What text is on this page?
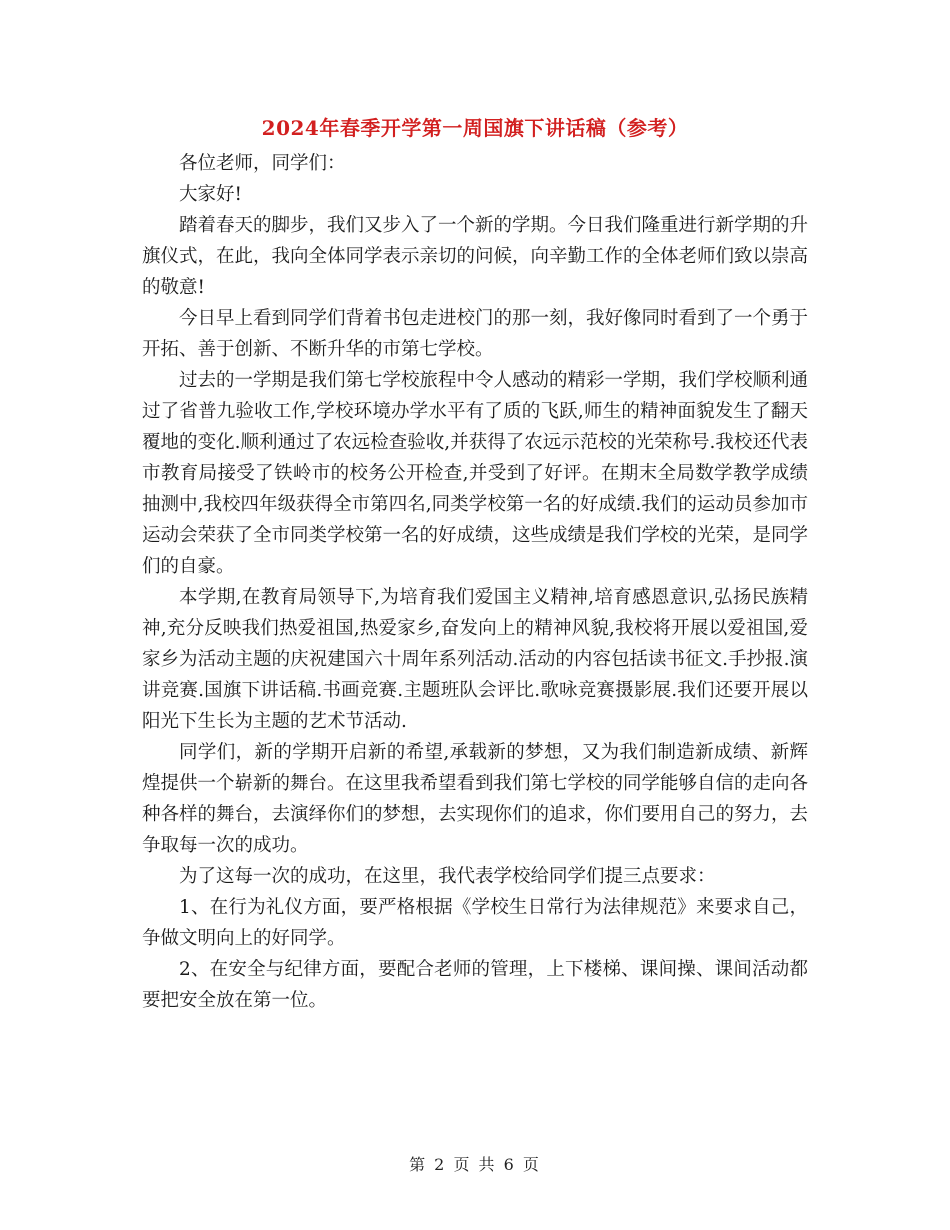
2024年春季开学第一周国旗下讲话稿（参考）

各位老师，同学们：

大家好!

踏着春天的脚步，我们又步入了一个新的学期。今日我们隆重进行新学期的升旗仪式，在此，我向全体同学表示亲切的问候，向辛勤工作的全体老师们致以崇高的敬意!

今日早上看到同学们背着书包走进校门的那一刻，我好像同时看到了一个勇于开拓、善于创新、不断升华的市第七学校。

过去的一学期是我们第七学校旅程中令人感动的精彩一学期，我们学校顺利通过了省普九验收工作,学校环境办学水平有了质的飞跃,师生的精神面貌发生了翻天覆地的变化.顺利通过了农远检查验收,并获得了农远示范校的光荣称号.我校还代表市教育局接受了铁岭市的校务公开检查,并受到了好评。在期末全局数学教学成绩抽测中,我校四年级获得全市第四名,同类学校第一名的好成绩.我们的运动员参加市运动会荣获了全市同类学校第一名的好成绩，这些成绩是我们学校的光荣，是同学们的自豪。

本学期,在教育局领导下,为培育我们爱国主义精神,培育感恩意识,弘扬民族精神,充分反映我们热爱祖国,热爱家乡,奋发向上的精神风貌,我校将开展以爱祖国,爱家乡为活动主题的庆祝建国六十周年系列活动.活动的内容包括读书征文.手抄报.演讲竞赛.国旗下讲话稿.书画竞赛.主题班队会评比.歌咏竞赛摄影展.我们还要开展以阳光下生长为主题的艺术节活动.

同学们，新的学期开启新的希望,承载新的梦想，又为我们制造新成绩、新辉煌提供一个崭新的舞台。在这里我希望看到我们第七学校的同学能够自信的走向各种各样的舞台，去演绎你们的梦想，去实现你们的追求，你们要用自己的努力，去争取每一次的成功。

为了这每一次的成功，在这里，我代表学校给同学们提三点要求：

1、在行为礼仪方面，要严格根据《学校生日常行为法律规范》来要求自己，争做文明向上的好同学。

2、在安全与纪律方面，要配合老师的管理，上下楼梯、课间操、课间活动都要把安全放在第一位。

第 2 页 共 6 页
